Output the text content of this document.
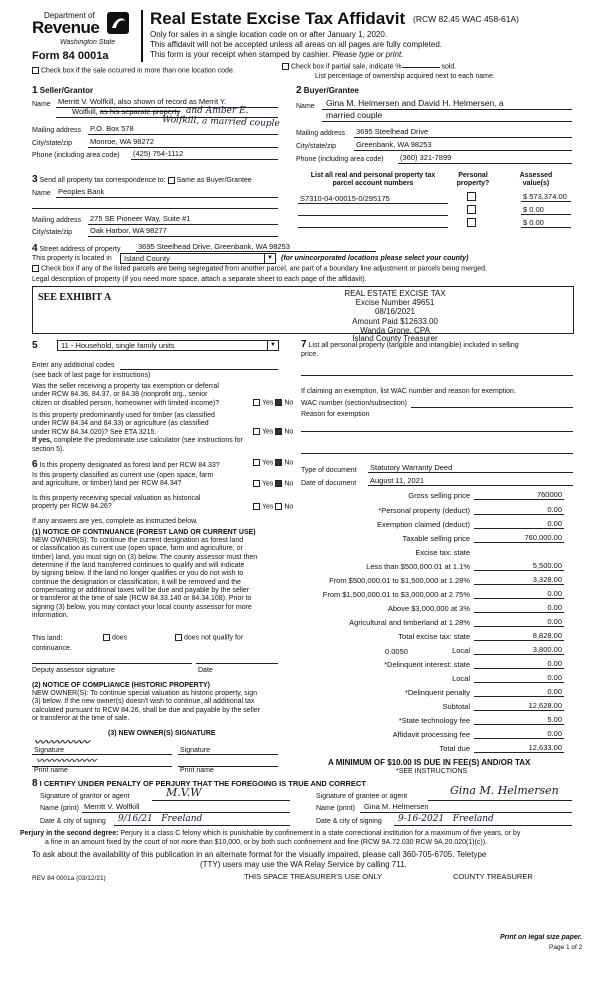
Department of
Revenue
Washington State
Form 84 0001a
Real Estate Excise Tax Affidavit (RCW 82.45 WAC 458-61A)
Only for sales in a single location code on or after January 1, 2020.
This affidavit will not be accepted unless all areas on all pages are fully completed.
This form is your receipt when stamped by cashier. Please type or print.
Check box if the sale occurred in more than one location code.
Check box if partial sale, indicate %	sold.
List percentage of ownership acquired next to each name.
1 Seller/Grantor
Name Merritt V. Wolfkill, also shown of record as Merrit Y.
Wolfkill, as his separate property and Amber E.
Wolfkill, a married couple
Mailing address P.O. Box 578
City/state/zip Monroe, WA 98272
Phone (including area code) (425) 754-1112
2 Buyer/Grantee
Name Gina M. Helmersen and David H. Helmersen, a
married couple
Mailing address 3695 Steelhead Drive
City/state/zip	Greenbank, WA 98253
Phone (including area code) (360) 321-7899
3 Send all property tax correspondence to: Same as Buyer/Grantee
Name Peoples Bank
Mailing address 275 SE Pioneer Way, Suite #1
City/state/zip Oak Harbor, WA 98277
List all real and personal property tax
parcel account numbers
Personal
property?
Assessed
value(s)
S7310-04-00015-0/295175	$ 573,374.00
$ 0.00
$ 0.00
4 Street address of property 3695 Steelhead Drive, Greenbank, WA 98253
This property is located in	Island County	▼ (for unincorporated locations please select your county)
Check box if any of the listed parcels are being segregated from another parcel, are part of a boundary line adjustment or parcels being merged.
Legal description of property (if you need more space, attach a separate sheet to each page of the affidavit).
SEE EXHIBIT A	REAL ESTATE EXCISE TAX
Excise Number 49651
08/16/2021
Amount Paid $12633.00
Wanda Grone, CPA
Island County Treasurer
5	11 - Household, single family units	▼
Enter any additional codes
(see back of last page for instructions)
Was the seller receiving a property tax exemption or deferral
under RCW 84.36, 84.37, or 84.38 (nonprofit org., senior
citizen or disabled person, homeowner with limited income)?	Yes No
Is this property predominantly used for timber (as classified
under RCW 84.34 and 84.33) or agriculture (as classified
under RCW 84.34.020)? See ETA 3215.
If yes, complete the predominate use calculator (see instructions for
section 5).
Yes No
7 List all personal property (tangible and intangible) included in selling
price.
If claiming an exemption, list WAC number and reason for exemption.
WAC number (section/subsection)
Reason for exemption
6 Is this property designated as forest land per RCW 84.33?	Yes No
Is this property classified as current use (open space, farm
and agriculture, or timber) land per RCW 84.34?	Yes No
Is this property receiving special valuation as historical
property per RCW 84.26?	Yes No
If any answers are yes, complete as instructed below.
(1) NOTICE OF CONTINUANCE (FOREST LAND OR CURRENT USE)
NEW OWNER(S): To continue the current designation as forest land
or classification as current use (open space, farm and agriculture, or
timber) land, you must sign on (3) below. The county assessor must then
determine if the land transferred continues to qualify and will indicate
by signing below. If the land no longer qualifies or you do not wish to
continue the designation or classification, it will be removed and the
compensating or additional taxes will be due and payable by the seller
or transferor at the time of sale (RCW 84.33.140 or 84.34.108). Prior to
signing (3) below, you may contact your local county assessor for more
information.
This land:	does	does not qualify for
continuance.
Deputy assessor signature	Date
(2) NOTICE OF COMPLIANCE (HISTORIC PROPERTY)
NEW OWNER(S): To continue special valuation as historic property, sign
(3) below. If the new owner(s) doesn't wish to continue, all additional tax
calculated pursuant to RCW 84.26, shall be due and payable by the seller
or transferor at the time of sale.
(3) NEW OWNER(S) SIGNATURE
〰〰〰〰〰
Signature	Signature
〰〰〰〰〰〰
Print name	Print name
Type of document Statutory Warranty Deed
Date of document August 11, 2021
Gross selling price	760000
*Personal property (deduct)	0.00
Exemption claimed (deduct)	0.00
Taxable selling price	760,000.00
Excise tax: state
Less than $500,000.01 at 1.1%	5,500.00
From $500,000.01 to $1,500,000 at 1.28%	3,328.00
From $1,500,000.01 to $3,000,000 at 2.75%	0.00
Above $3,000,000 at 3%	0.00
Agricultural and timberland at 1.28%	0.00
Total excise tax: state	8,828.00
Local	3,800.00
*Delinquent interest: state	0.00
Local	0.00
*Delinquent penalty	0.00
Subtotal	12,628.00
*State technology fee	5.00
Affidavit processing fee	0.00
Total due	12,633.00
0.0050
A MINIMUM OF $10.00 IS DUE IN FEE(S) AND/OR TAX
*SEE INSTRUCTIONS
8 I CERTIFY UNDER PENALTY OF PERJURY THAT THE FOREGOING IS TRUE AND CORRECT
Signature of grantor or agent	M.V.W
Name (print) Merritt V. Wolfkill
Date & city of signing 9/16/21   Freeland
Signature of grantee or agent	Gina M. Helmersen
Name (print) Gina M. Helmersen
Date & city of signing 9-16-2021   Freeland
Perjury in the second degree: Perjury is a class C felony which is punishable by confinement in a state correctional institution for a maximum of five years, or by
a fine in an amount fixed by the court of not more than $10,000, or by both such confinement and fine (RCW 9A.72.030 RCW 9A.20.020(1)(c)).
To ask about the availability of this publication in an alternate format for the visually impaired, please call 360-705-6705. Teletype
(TTY) users may use the WA Relay Service by calling 711.
REV 84 0001a (03/12/21)	THIS SPACE TREASURER'S USE ONLY	COUNTY TREASURER
Print on legal size paper.
Page 1 of 2
